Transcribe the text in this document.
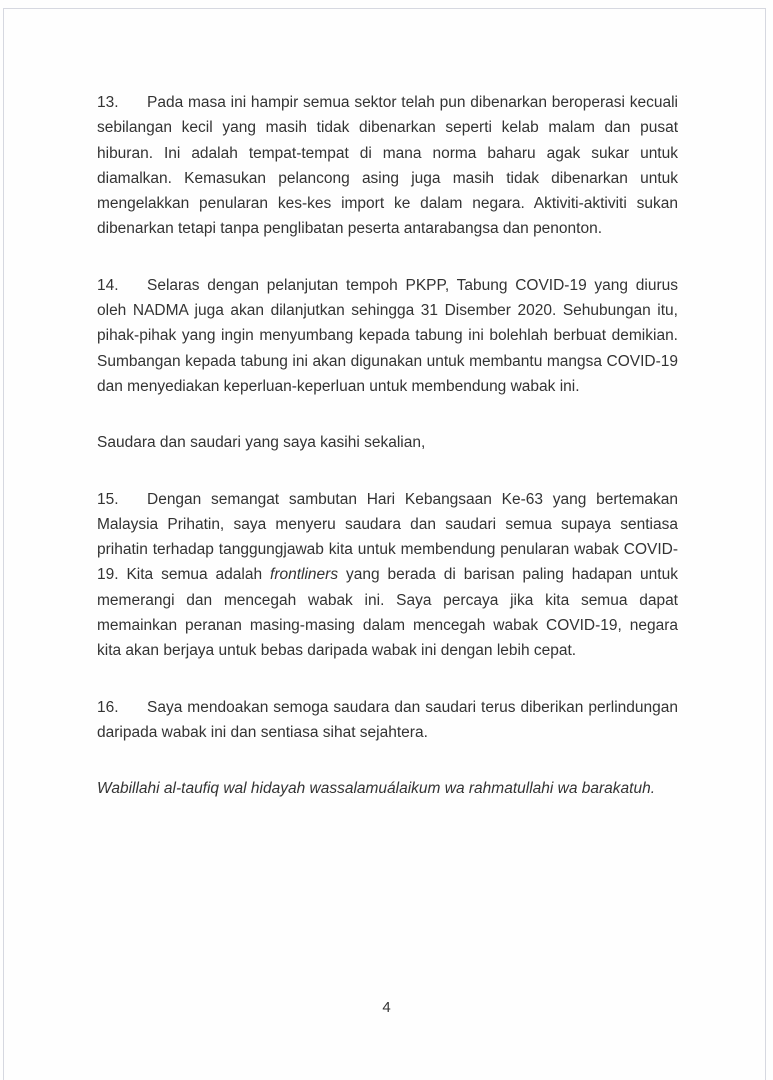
13. Pada masa ini hampir semua sektor telah pun dibenarkan beroperasi kecuali sebilangan kecil yang masih tidak dibenarkan seperti kelab malam dan pusat hiburan. Ini adalah tempat-tempat di mana norma baharu agak sukar untuk diamalkan. Kemasukan pelancong asing juga masih tidak dibenarkan untuk mengelakkan penularan kes-kes import ke dalam negara. Aktiviti-aktiviti sukan dibenarkan tetapi tanpa penglibatan peserta antarabangsa dan penonton.

14. Selaras dengan pelanjutan tempoh PKPP, Tabung COVID-19 yang diurus oleh NADMA juga akan dilanjutkan sehingga 31 Disember 2020. Sehubungan itu, pihak-pihak yang ingin menyumbang kepada tabung ini bolehlah berbuat demikian. Sumbangan kepada tabung ini akan digunakan untuk membantu mangsa COVID-19 dan menyediakan keperluan-keperluan untuk membendung wabak ini.

Saudara dan saudari yang saya kasihi sekalian,

15. Dengan semangat sambutan Hari Kebangsaan Ke-63 yang bertemakan Malaysia Prihatin, saya menyeru saudara dan saudari semua supaya sentiasa prihatin terhadap tanggungjawab kita untuk membendung penularan wabak COVID-19. Kita semua adalah frontliners yang berada di barisan paling hadapan untuk memerangi dan mencegah wabak ini. Saya percaya jika kita semua dapat memainkan peranan masing-masing dalam mencegah wabak COVID-19, negara kita akan berjaya untuk bebas daripada wabak ini dengan lebih cepat.

16. Saya mendoakan semoga saudara dan saudari terus diberikan perlindungan daripada wabak ini dan sentiasa sihat sejahtera.

Wabillahi al-taufiq wal hidayah wassalamuálaikum wa rahmatullahi wa barakatuh.

4
